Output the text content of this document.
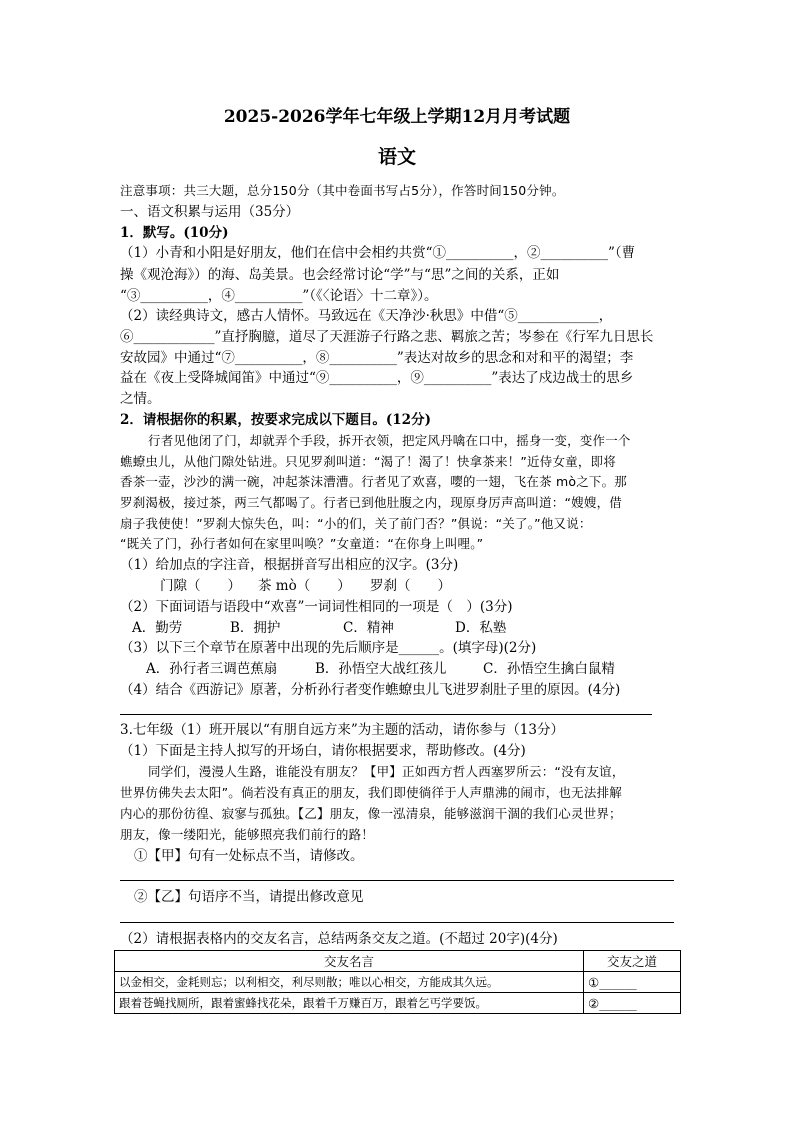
2025-2026学年七年级上学期12月月考试题
语文
注意事项：共三大题，总分150分（其中卷面书写占5分），作答时间150分钟。
一、语文积累与运用（35分）
1．默写。(10分)
（1）小青和小阳是好朋友，他们在信中会相约共赏“①__________，②__________”（曹
操《观沧海》）的海、岛美景。也会经常讨论“学”与“思”之间的关系，正如
“③__________，④__________”（《〈论语〉十二章》）。
（2）读经典诗文，感古人情怀。马致远在《天净沙·秋思》中借“⑤____________，
⑥____________”直抒胸臆，道尽了天涯游子行路之悲、羁旅之苦；岑参在《行军九日思长
安故园》中通过“⑦__________，⑧__________”表达对故乡的思念和对和平的渴望；李
益在《夜上受降城闻笛》中通过“⑨__________，⑨__________”表达了戍边战士的思乡
之情。
2．请根据你的积累，按要求完成以下题目。(12分)
行者见他闭了门，却就弄个手段，拆开衣领，把定风丹噙在口中，摇身一变，变作一个
蟭蟟虫儿，从他门隙处钻进。只见罗刹叫道：“渴了！渴了！快拿茶来！”近侍女童，即将
香茶一壶，沙沙的满一碗，冲起茶沫漕漕。行者见了欢喜，嘤的一翅，飞在茶 mò之下。那
罗刹渴极，接过茶，两三气都喝了。行者已到他肚腹之内，现原身厉声高叫道：“嫂嫂，借
扇子我使使！”罗刹大惊失色，叫：“小的们，关了前门否？”俱说：“关了。”他又说：
“既关了门，孙行者如何在家里叫唤？”女童道：“在你身上叫哩。”
（1）给加点的字注音，根据拼音写出相应的汉字。(3分)
门隙（　　）	茶 mò（　　）	罗刹（　　）
（2）下面词语与语段中“欢喜”一词词性相同的一项是（　）(3分)
A．勤劳	B．拥护	C．精神	D．私塾
（3）以下三个章节在原著中出现的先后顺序是______。(填字母)(2分)
A．孙行者三调芭蕉扇	B．孙悟空大战红孩儿	C．孙悟空生擒白鼠精
（4）结合《西游记》原著，分析孙行者变作蟭蟟虫儿飞进罗刹肚子里的原因。(4分)
3.七年级（1）班开展以“有朋自远方来”为主题的活动，请你参与（13分）
（1）下面是主持人拟写的开场白，请你根据要求，帮助修改。(4分)
同学们，漫漫人生路，谁能没有朋友？【甲】正如西方哲人西塞罗所云：“没有友谊，
世界仿佛失去太阳”。倘若没有真正的朋友，我们即使徜徉于人声鼎沸的闹市，也无法排解
内心的那份彷徨、寂寥与孤独。【乙】朋友，像一泓清泉，能够滋润干涸的我们心灵世界；
朋友，像一缕阳光，能够照亮我们前行的路！
①【甲】句有一处标点不当，请修改。
②【乙】句语序不当，请提出修改意见
（2）请根据表格内的交友名言，总结两条交友之道。(不超过 20字)(4分)
交友名言	交友之道
以金相交，金耗则忘；以利相交，利尽则散；唯以心相交，方能成其久远。	①______
跟着苍蝇找厕所，跟着蜜蜂找花朵，跟着千万赚百万，跟着乞丐学要饭。	②______
